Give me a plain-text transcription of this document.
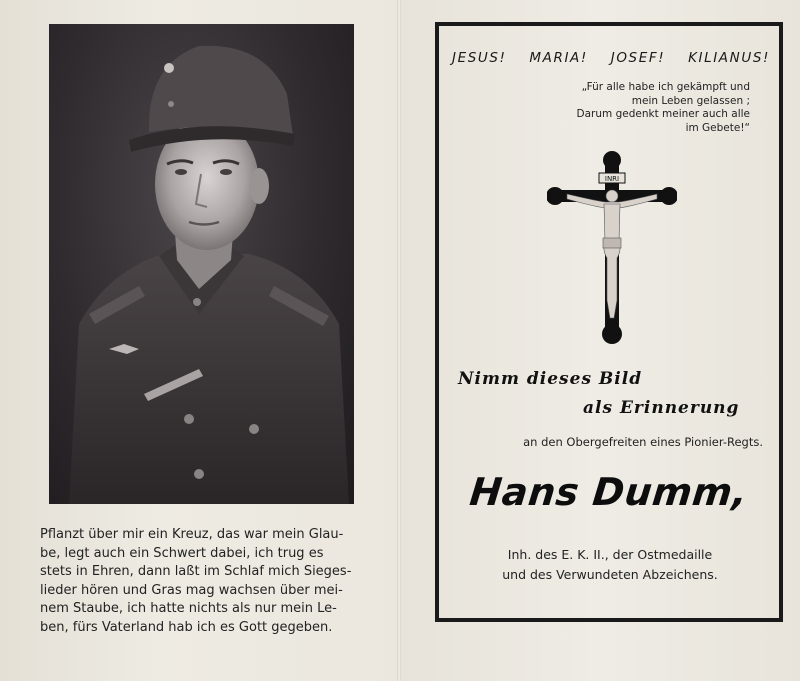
Pflanzt über mir ein Kreuz, das war mein Glau-
be, legt auch ein Schwert dabei, ich trug es
stets in Ehren, dann laßt im Schlaf mich Sieges-
lieder hören und Gras mag wachsen über mei-
nem Staube, ich hatte nichts als nur mein Le-
ben, fürs Vaterland hab ich es Gott gegeben.
JESUS! MARIA! JOSEF! KILIANUS!
„Für alle habe ich gekämpft und
mein Leben gelassen ;
Darum gedenkt meiner auch alle
im Gebete!“
INRI
Nimm dieses Bild
als Erinnerung
an den Obergefreiten eines Pionier-Regts.
Hans Dumm,
Inh. des E. K. II., der Ostmedaille
und des Verwundeten Abzeichens.
